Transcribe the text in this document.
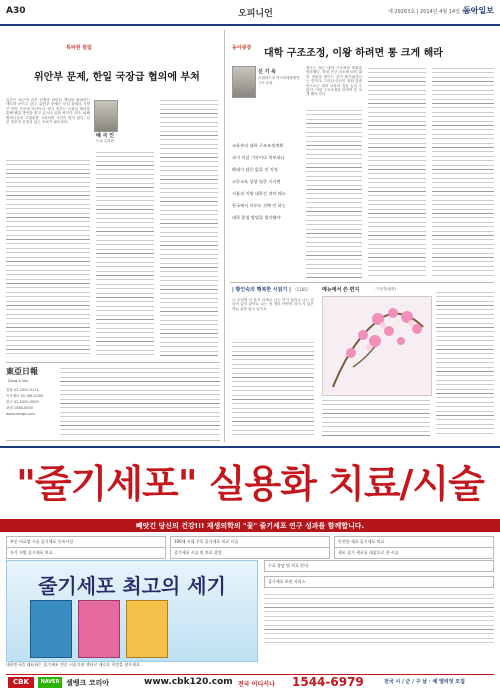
A30	오피니언	제 29263호 | 2014년 4월 14일 월요일
동아일보
특파원 칼럼
위안부 문제, 한일 국장급 협의에 부쳐
배 극 인
도쿄 특파원
일본은 최근에 과거 전쟁과 관련된 책임을 회피하는 태도를 보이고 있다. 위안부 문제는 한일 관계의 가장 큰 현안 가운데 하나이다. 양국 정부는 국장급 협의를 통해 해결 방안을 찾고 있으나 입장 차이가 크다. 피해 할머니들의 고령화를 고려하면 시간이 많지 않다. 일본 정부의 진정성 있는 조치가 필요하다.
東亞日報
Dong-A Ilbo
전화 02-2020-0114
독자센터 02-361-0000
광고 02-2020-0000
판매 1588-0000
www.donga.com
동아광장 대학 구조조정, 이왕 하려면 통 크게 해라
신 기 욱
스탠퍼드대 아시아태평양연구소 소장
교육부의 대학 구조조정계획
과거 미달 기록이다 치부하나
확대가 답은 없을 것 지역
고등교육 상향 평준 시키면
서울과 지방 대학간 격차 해소
한국에서 아무도 선택 안 하는
대학 졸업 방법을 생각해야
정부는 최근 대학 구조개혁 계획을 발표했다. 학령 인구 감소에 따라 대학 정원을 줄이는 것이 불가피하다는 것이다. 그러나 단순한 정원 감축만으로는 대학 교육의 질을 높일 수 없다. 이왕 구조조정을 하려면 통 크게 해야 한다.
| 황인숙의 행복한 시읽기 | 〈1165〉
나 무덤에 서 울지 마세요 나는 거기 없어요 나는 잠들어 있지 않아요 나는 천 개의 바람이 되어 저 넓은 하늘 위를 날고 있어요
메뉴에서 쓴 편지	- 이현경(삽화)
"줄기세포" 실용화 치료/시술
빼앗긴 당신의 건강!!! 재생의학의 "꽃" 줄기세포 연구 성과를 함께합니다.
부분 의료법 시술 줄기세포 등록시설	100세 시대 주목 줄기세포 치료 시술	안전한 세포 줄기세포 치료
자가 지방 줄기세포 치료	줄기세포 시술 및 치료 상담	세포 줄기 세포를 대상으로 한 시술
줄기세포 최고의 세기
무료 상담 및 치료 안내
줄기세포 보관 서비스
대한민국을 대표하는 줄기세포 전문 시술기관 센터로 새로운 희망을 찾으세요.
CBK	NAVER 셀뱅크 코리아	www.cbk120.com 전국 어디서나 1544-6979	전국 시 / 군 / 구 날 · 예 엘리엇 모집
